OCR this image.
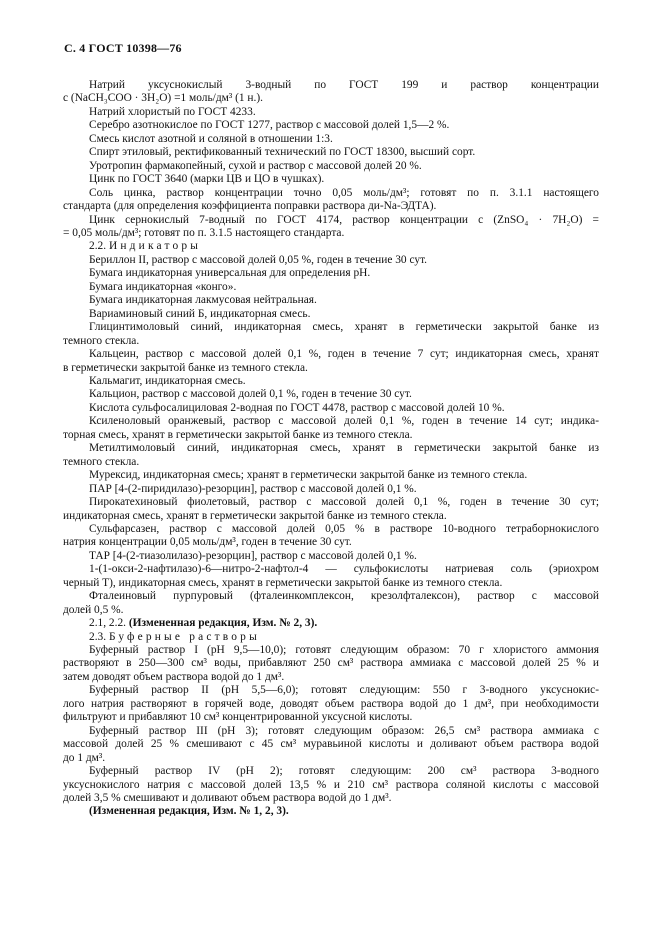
С. 4 ГОСТ 10398—76

Натрий уксуснокислый 3-водный по ГОСТ 199 и раствор концентрации

c (NaCH₃COO · 3H₂O) =1 моль/дм³ (1 н.).

Натрий хлористый по ГОСТ 4233.

Серебро азотнокислое по ГОСТ 1277, раствор с массовой долей 1,5—2 %.

Смесь кислот азотной и соляной в отношении 1:3.

Спирт этиловый, ректификованный технический по ГОСТ 18300, высший сорт.

Уротропин фармакопейный, сухой и раствор с массовой долей 20 %.

Цинк по ГОСТ 3640 (марки ЦВ и ЦО в чушках).

Соль цинка, раствор концентрации точно 0,05 моль/дм³; готовят по п. 3.1.1 настоящего

стандарта (для определения коэффициента поправки раствора ди-Na-ЭДТА).

Цинк сернокислый 7-водный по ГОСТ 4174, раствор концентрации c (ZnSO₄ · 7H₂O) =

= 0,05 моль/дм³; готовят по п. 3.1.5 настоящего стандарта.

2.2. Индикаторы

Бериллон II, раствор с массовой долей 0,05 %, годен в течение 30 сут.

Бумага индикаторная универсальная для определения pH.

Бумага индикаторная «конго».

Бумага индикаторная лакмусовая нейтральная.

Вариаминовый синий Б, индикаторная смесь.

Глицинтимоловый синий, индикаторная смесь, хранят в герметически закрытой банке из

темного стекла.

Кальцеин, раствор с массовой долей 0,1 %, годен в течение 7 сут; индикаторная смесь, хранят

в герметически закрытой банке из темного стекла.

Кальмагит, индикаторная смесь.

Кальцион, раствор с массовой долей 0,1 %, годен в течение 30 сут.

Кислота сульфосалициловая 2-водная по ГОСТ 4478, раствор с массовой долей 10 %.

Ксиленоловый оранжевый, раствор с массовой долей 0,1 %, годен в течение 14 сут; индика-

торная смесь, хранят в герметически закрытой банке из темного стекла.

Метилтимоловый синий, индикаторная смесь, хранят в герметически закрытой банке из

темного стекла.

Мурексид, индикаторная смесь; хранят в герметически закрытой банке из темного стекла.

ПАР [4-(2-пиридилазо)-резорцин], раствор с массовой долей 0,1 %.

Пирокатехиновый фиолетовый, раствор с массовой долей 0,1 %, годен в течение 30 сут;

индикаторная смесь, хранят в герметически закрытой банке из темного стекла.

Сульфарсазен, раствор с массовой долей 0,05 % в растворе 10-водного тетраборнокислого

натрия концентрации 0,05 моль/дм³, годен в течение 30 сут.

ТАР [4-(2-тиазолилазо)-резорцин], раствор с массовой долей 0,1 %.

1-(1-окси-2-нафтилазо)-6—нитро-2-нафтол-4 — сульфокислоты натриевая соль (эриохром

черный Т), индикаторная смесь, хранят в герметически закрытой банке из темного стекла.

Фталеиновый пурпуровый (фталеинкомплексон, крезолфталексон), раствор с массовой

долей 0,5 %.

2.1, 2.2. (Измененная редакция, Изм. № 2, 3).

2.3. Буферные растворы

Буферный раствор I (pH 9,5—10,0); готовят следующим образом: 70 г хлористого аммония

растворяют в 250—300 см³ воды, прибавляют 250 см³ раствора аммиака с массовой долей 25 % и

затем доводят объем раствора водой до 1 дм³.

Буферный раствор II (pH 5,5—6,0); готовят следующим: 550 г 3-водного уксуснокис-

лого натрия растворяют в горячей воде, доводят объем раствора водой до 1 дм³, при необходимости

фильтруют и прибавляют 10 см³ концентрированной уксусной кислоты.

Буферный раствор III (pH 3); готовят следующим образом: 26,5 см³ раствора аммиака с

массовой долей 25 % смешивают с 45 см³ муравьиной кислоты и доливают объем раствора водой

до 1 дм³.

Буферный раствор IV (pH 2); готовят следующим: 200 см³ раствора 3-водного

уксуснокислого натрия с массовой долей 13,5 % и 210 см³ раствора соляной кислоты с массовой

долей 3,5 % смешивают и доливают объем раствора водой до 1 дм³.

(Измененная редакция, Изм. № 1, 2, 3).
